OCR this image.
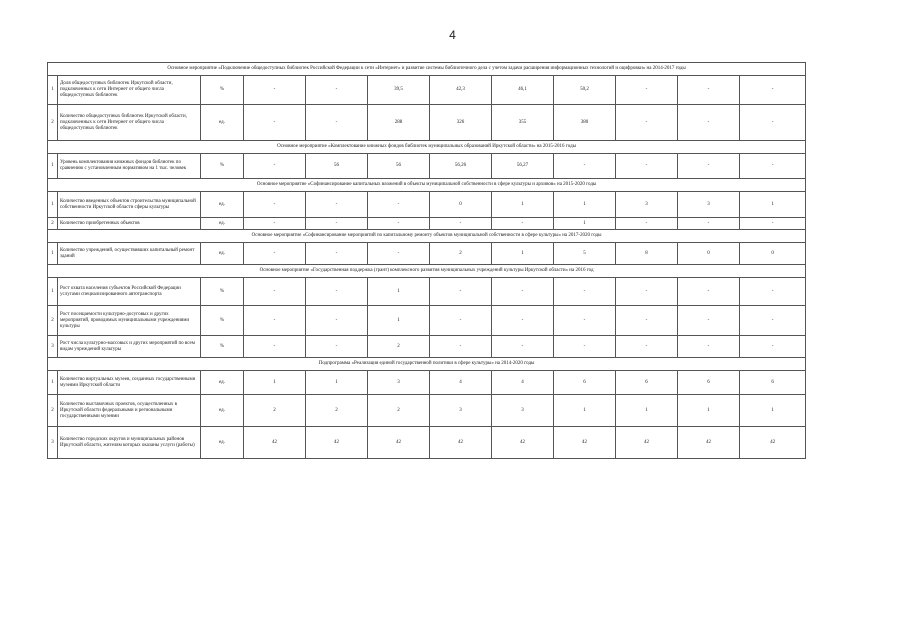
4
Основное мероприятие «Подключение общедоступных библиотек Российской Федерации к сети «Интернет» и развитие системы библиотечного дела с учетом задачи расширения информационных технологий и оцифровки» на 2014-2017 годы											
1	Доля общедоступных библиотек Иркутской области, подключенных к сети Интернет от общего числа общедоступных библиотек	%	-	-	39,5	42,3	46,1	50,2	-	-	-
2	Количество общедоступных библиотек Иркутской области, подключенных к сети Интернет от общего числа общедоступных библиотек	ед.	-	-	288	326	355	380	-	-	-
Основное мероприятие «Комплектование книжных фондов библиотек муниципальных образований Иркутской области» на 2015-2016 годы											
1	Уровень комплектования книжных фондов библиотек по сравнению с установленным нормативом на 1 тыс. человек	%	-	56	56	56,26	56,27	-	-	-	-
Основное мероприятие «Софинансирование капитальных вложений в объекты муниципальной собственности в сфере культуры и архивов» на 2015-2020 годы											
1	Количество введенных объектов строительства муниципальной собственности Иркутской области сферы культуры	ед.	-	-	-	0	1	1	3	3	1
2	Количество приобретенных объектов	ед.	-	-	-	-	-	1	-	-	-
Основное мероприятие «Софинансирование мероприятий по капитальному ремонту объектов муниципальной собственности в сфере культуры» на 2017-2020 годы											
1	Количество учреждений, осуществивших капитальный ремонт зданий	ед.	-	-	-	2	1	5	8	0	0
Основное мероприятие «Государственная поддержка (грант) комплексного развития муниципальных учреждений культуры Иркутской области» на 2016 год											
1	Рост охвата населения субъектов Российской Федерации услугами специализированного автотранспорта	%	-	-	1	-	-	-	-	-	-
2	Рост посещаемости культурно-досуговых и других мероприятий, проводимых муниципальными учреждениями культуры	%	-	-	1	-	-	-	-	-	-
3	Рост числа культурно-массовых и других мероприятий по всем видам учреждений культуры	%	-	-	2	-	-	-	-	-	-
Подпрограмма «Реализация единой государственной политики в сфере культуры» на 2014-2020 годы											
1	Количество виртуальных музеев, созданных государственными музеями Иркутской области	ед.	1	1	3	4	4	6	6	6	6
2	Количество выставочных проектов, осуществленных в Иркутской области федеральными и региональными государственными музеями	ед.	2	2	2	3	3	1	1	1	1
3	Количество городских округов и муниципальных районов Иркутской области, жителям которых оказаны услуги (работы)	ед.	42	42	42	42	42	42	42	42	42
